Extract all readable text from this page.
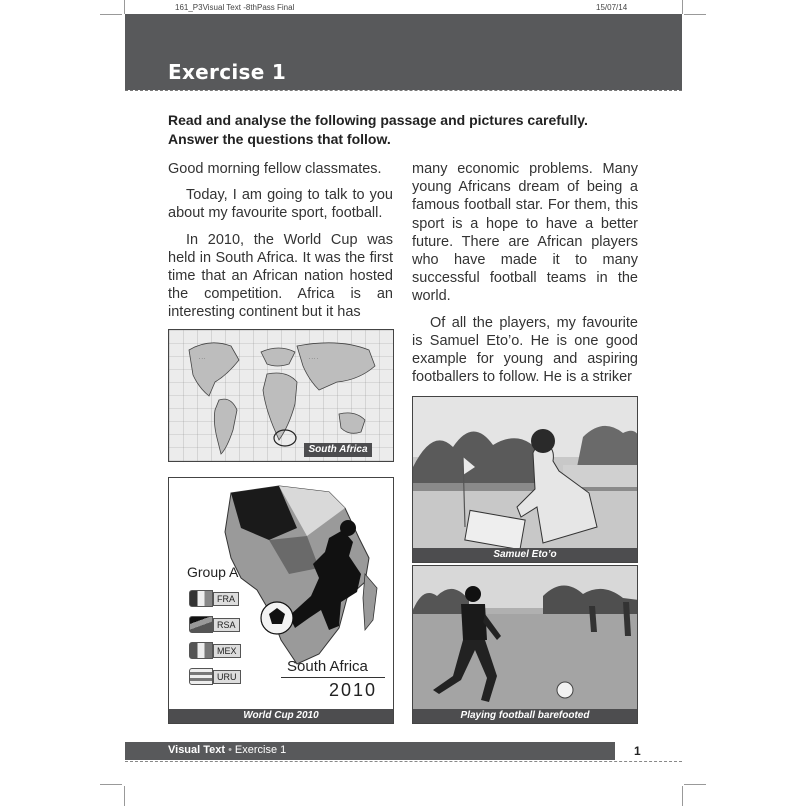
161_P3Visual Text -8thPass Final	15/07/14
Exercise 1
Read and analyse the following passage and pictures carefully.
Answer the questions that follow.

Good morning fellow classmates.

Today, I am going to talk to you about my favourite sport, football.

In 2010, the World Cup was held in South Africa. It was the first time that an African nation hosted the competition. Africa is an interesting continent but it has

many economic problems. Many young Africans dream of being a famous football star. For them, this sport is a hope to have a better future. There are African players who have made it to many successful football teams in the world.

Of all the players, my favourite is Samuel Eto’o. He is one good example for young and aspiring footballers to follow. He is a striker

· · ·	· · · ·
South Africa
Group A
FRA
RSA
MEX
URU
South Africa
2010
World Cup 2010
Samuel Eto’o
Playing football barefooted
Visual Text • Exercise 1	1
